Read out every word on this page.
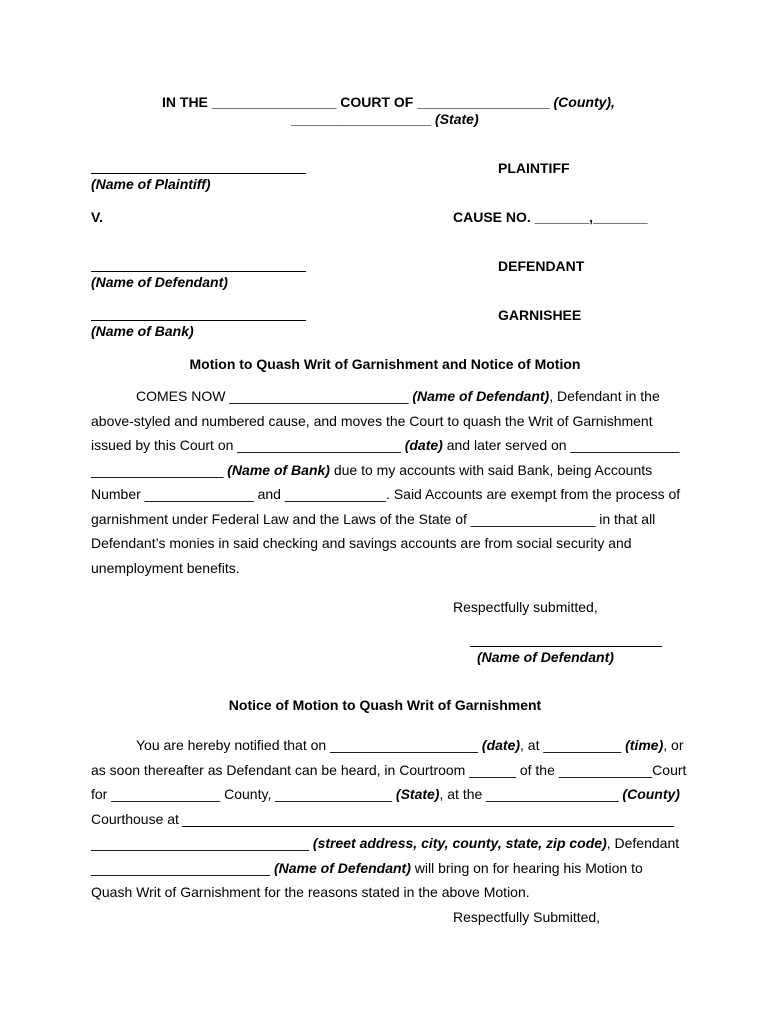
IN THE ________________ COURT OF _________________ (County),
__________________ (State)
(Name of Plaintiff)
PLAINTIFF
V.	CAUSE NO. _______,_______
(Name of Defendant)
DEFENDANT
(Name of Bank)
GARNISHEE
Motion to Quash Writ of Garnishment and Notice of Motion
COMES NOW _______________________ (Name of Defendant), Defendant in the
above-styled and numbered cause, and moves the Court to quash the Writ of Garnishment
issued by this Court on _____________________ (date) and later served on ______________
_________________ (Name of Bank) due to my accounts with said Bank, being Accounts
Number ______________ and _____________. Said Accounts are exempt from the process of
garnishment under Federal Law and the Laws of the State of ________________ in that all
Defendant’s monies in said checking and savings accounts are from social security and
unemployment benefits.
Respectfully submitted,
(Name of Defendant)
Notice of Motion to Quash Writ of Garnishment
You are hereby notified that on ___________________ (date), at __________ (time), or
as soon thereafter as Defendant can be heard, in Courtroom ______ of the ____________Court
for ______________ County, _______________ (State), at the _________________ (County)
Courthouse at
____________________________ (street address, city, county, state, zip code), Defendant
_______________________ (Name of Defendant) will bring on for hearing his Motion to
Quash Writ of Garnishment for the reasons stated in the above Motion.
Respectfully Submitted,
